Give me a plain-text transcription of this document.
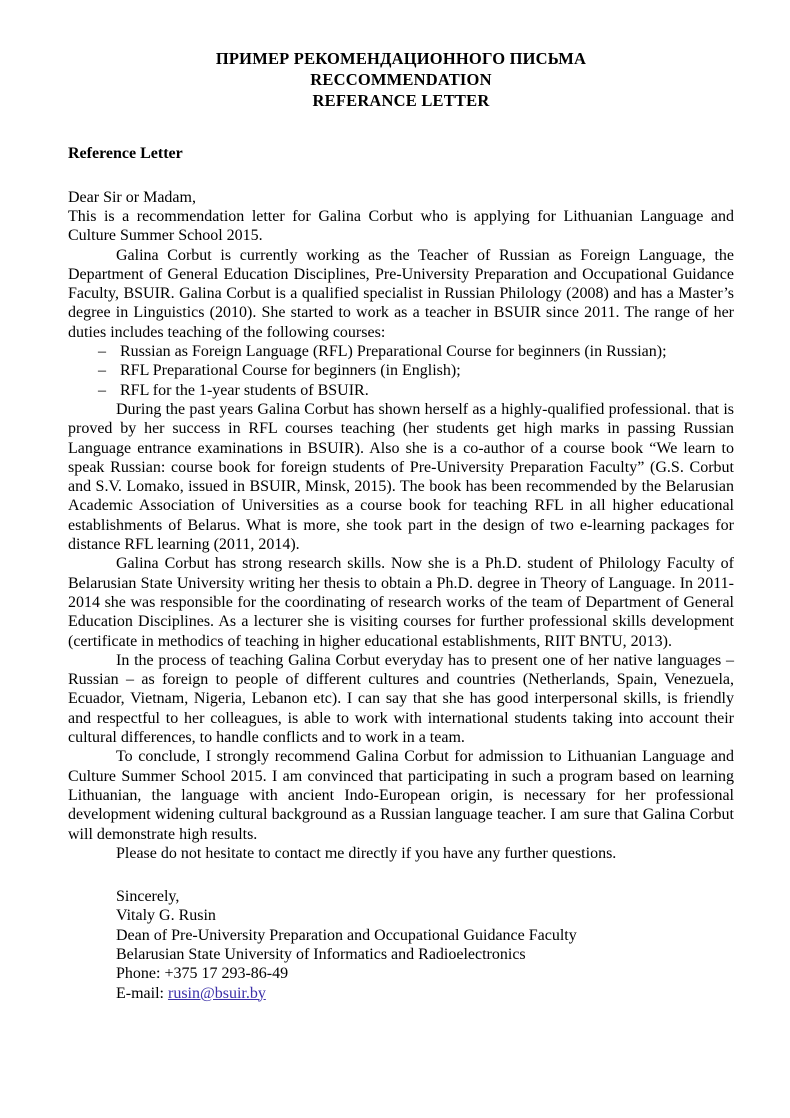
ПРИМЕР РЕКОМЕНДАЦИОННОГО ПИСЬМА
RECCOMMENDATION
REFERANCE LETTER
Reference Letter
Dear Sir or Madam,

This is a recommendation letter for Galina Corbut who is applying for Lithuanian Language and Culture Summer School 2015.

Galina Corbut is currently working as the Teacher of Russian as Foreign Language, the Department of General Education Disciplines, Pre-University Preparation and Occupational Guidance Faculty, BSUIR. Galina Corbut is a qualified specialist in Russian Philology (2008) and has a Master’s degree in Linguistics (2010). She started to work as a teacher in BSUIR since 2011. The range of her duties includes teaching of the following courses:

– Russian as Foreign Language (RFL) Preparational Course for beginners (in Russian);
– RFL Preparational Course for beginners (in English);
– RFL for the 1-year students of BSUIR.

During the past years Galina Corbut has shown herself as a highly-qualified professional. that is proved by her success in RFL courses teaching (her students get high marks in passing Russian Language entrance examinations in BSUIR). Also she is a co-author of a course book “We learn to speak Russian: course book for foreign students of Pre-University Preparation Faculty” (G.S. Corbut and S.V. Lomako, issued in BSUIR, Minsk, 2015). The book has been recommended by the Belarusian Academic Association of Universities as a course book for teaching RFL in all higher educational establishments of Belarus. What is more, she took part in the design of two e-learning packages for distance RFL learning (2011, 2014).

Galina Corbut has strong research skills. Now she is a Ph.D. student of Philology Faculty of Belarusian State University writing her thesis to obtain a Ph.D. degree in Theory of Language. In 2011-2014 she was responsible for the coordinating of research works of the team of Department of General Education Disciplines. As a lecturer she is visiting courses for further professional skills development (certificate in methodics of teaching in higher educational establishments, RIIT BNTU, 2013).

In the process of teaching Galina Corbut everyday has to present one of her native languages – Russian – as foreign to people of different cultures and countries (Netherlands, Spain, Venezuela, Ecuador, Vietnam, Nigeria, Lebanon etc). I can say that she has good interpersonal skills, is friendly and respectful to her colleagues, is able to work with international students taking into account their cultural differences, to handle conflicts and to work in a team.

To conclude, I strongly recommend Galina Corbut for admission to Lithuanian Language and Culture Summer School 2015. I am convinced that participating in such a program based on learning Lithuanian, the language with ancient Indo-European origin, is necessary for her professional development widening cultural background as a Russian language teacher. I am sure that Galina Corbut will demonstrate high results.

Please do not hesitate to contact me directly if you have any further questions.

Sincerely,
Vitaly G. Rusin
Dean of Pre-University Preparation and Occupational Guidance Faculty
Belarusian State University of Informatics and Radioelectronics
Phone: +375 17 293-86-49
E-mail: rusin@bsuir.by
